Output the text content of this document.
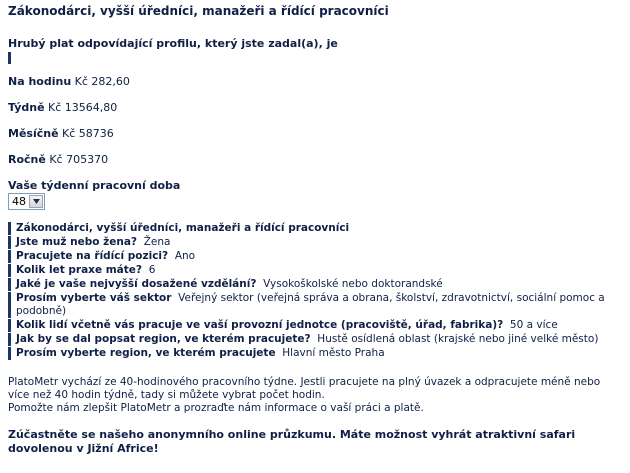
Zákonodárci, vyšší úředníci, manažeři a řídící pracovníci
Hrubý plat odpovídající profilu, který jste zadal(a), je
Na hodinu Kč 282,60
Týdně Kč 13564,80
Měsíčně Kč 58736
Ročně Kč 705370
Vaše týdenní pracovní doba
48
Zákonodárci, vyšší úředníci, manažeři a řídící pracovníci
Jste muž nebo žena? Žena
Pracujete na řídící pozici? Ano
Kolik let praxe máte? 6
Jaké je vaše nejvyšší dosažené vzdělání? Vysokoškolské nebo doktorandské
Prosím vyberte váš sektor Veřejný sektor (veřejná správa a obrana, školství, zdravotnictví, sociální pomoc a podobně)
Kolik lidí včetně vás pracuje ve vaší provozní jednotce (pracoviště, úřad, fabrika)? 50 a více
Jak by se dal popsat region, ve kterém pracujete? Hustě osídlená oblast (krajské nebo jiné velké město)
Prosím vyberte region, ve kterém pracujete Hlavní město Praha
PlatoMetr vychází ze 40-hodinového pracovního týdne. Jestli pracujete na plný úvazek a odpracujete méně nebo více než 40 hodin týdně, tady si můžete vybrat počet hodin.
Pomožte nám zlepšit PlatoMetr a prozraďte nám informace o vaší práci a platě.
Zúčastněte se našeho anonymního online průzkumu. Máte možnost vyhrát atraktivní safari dovolenou v Jižní Africe!
